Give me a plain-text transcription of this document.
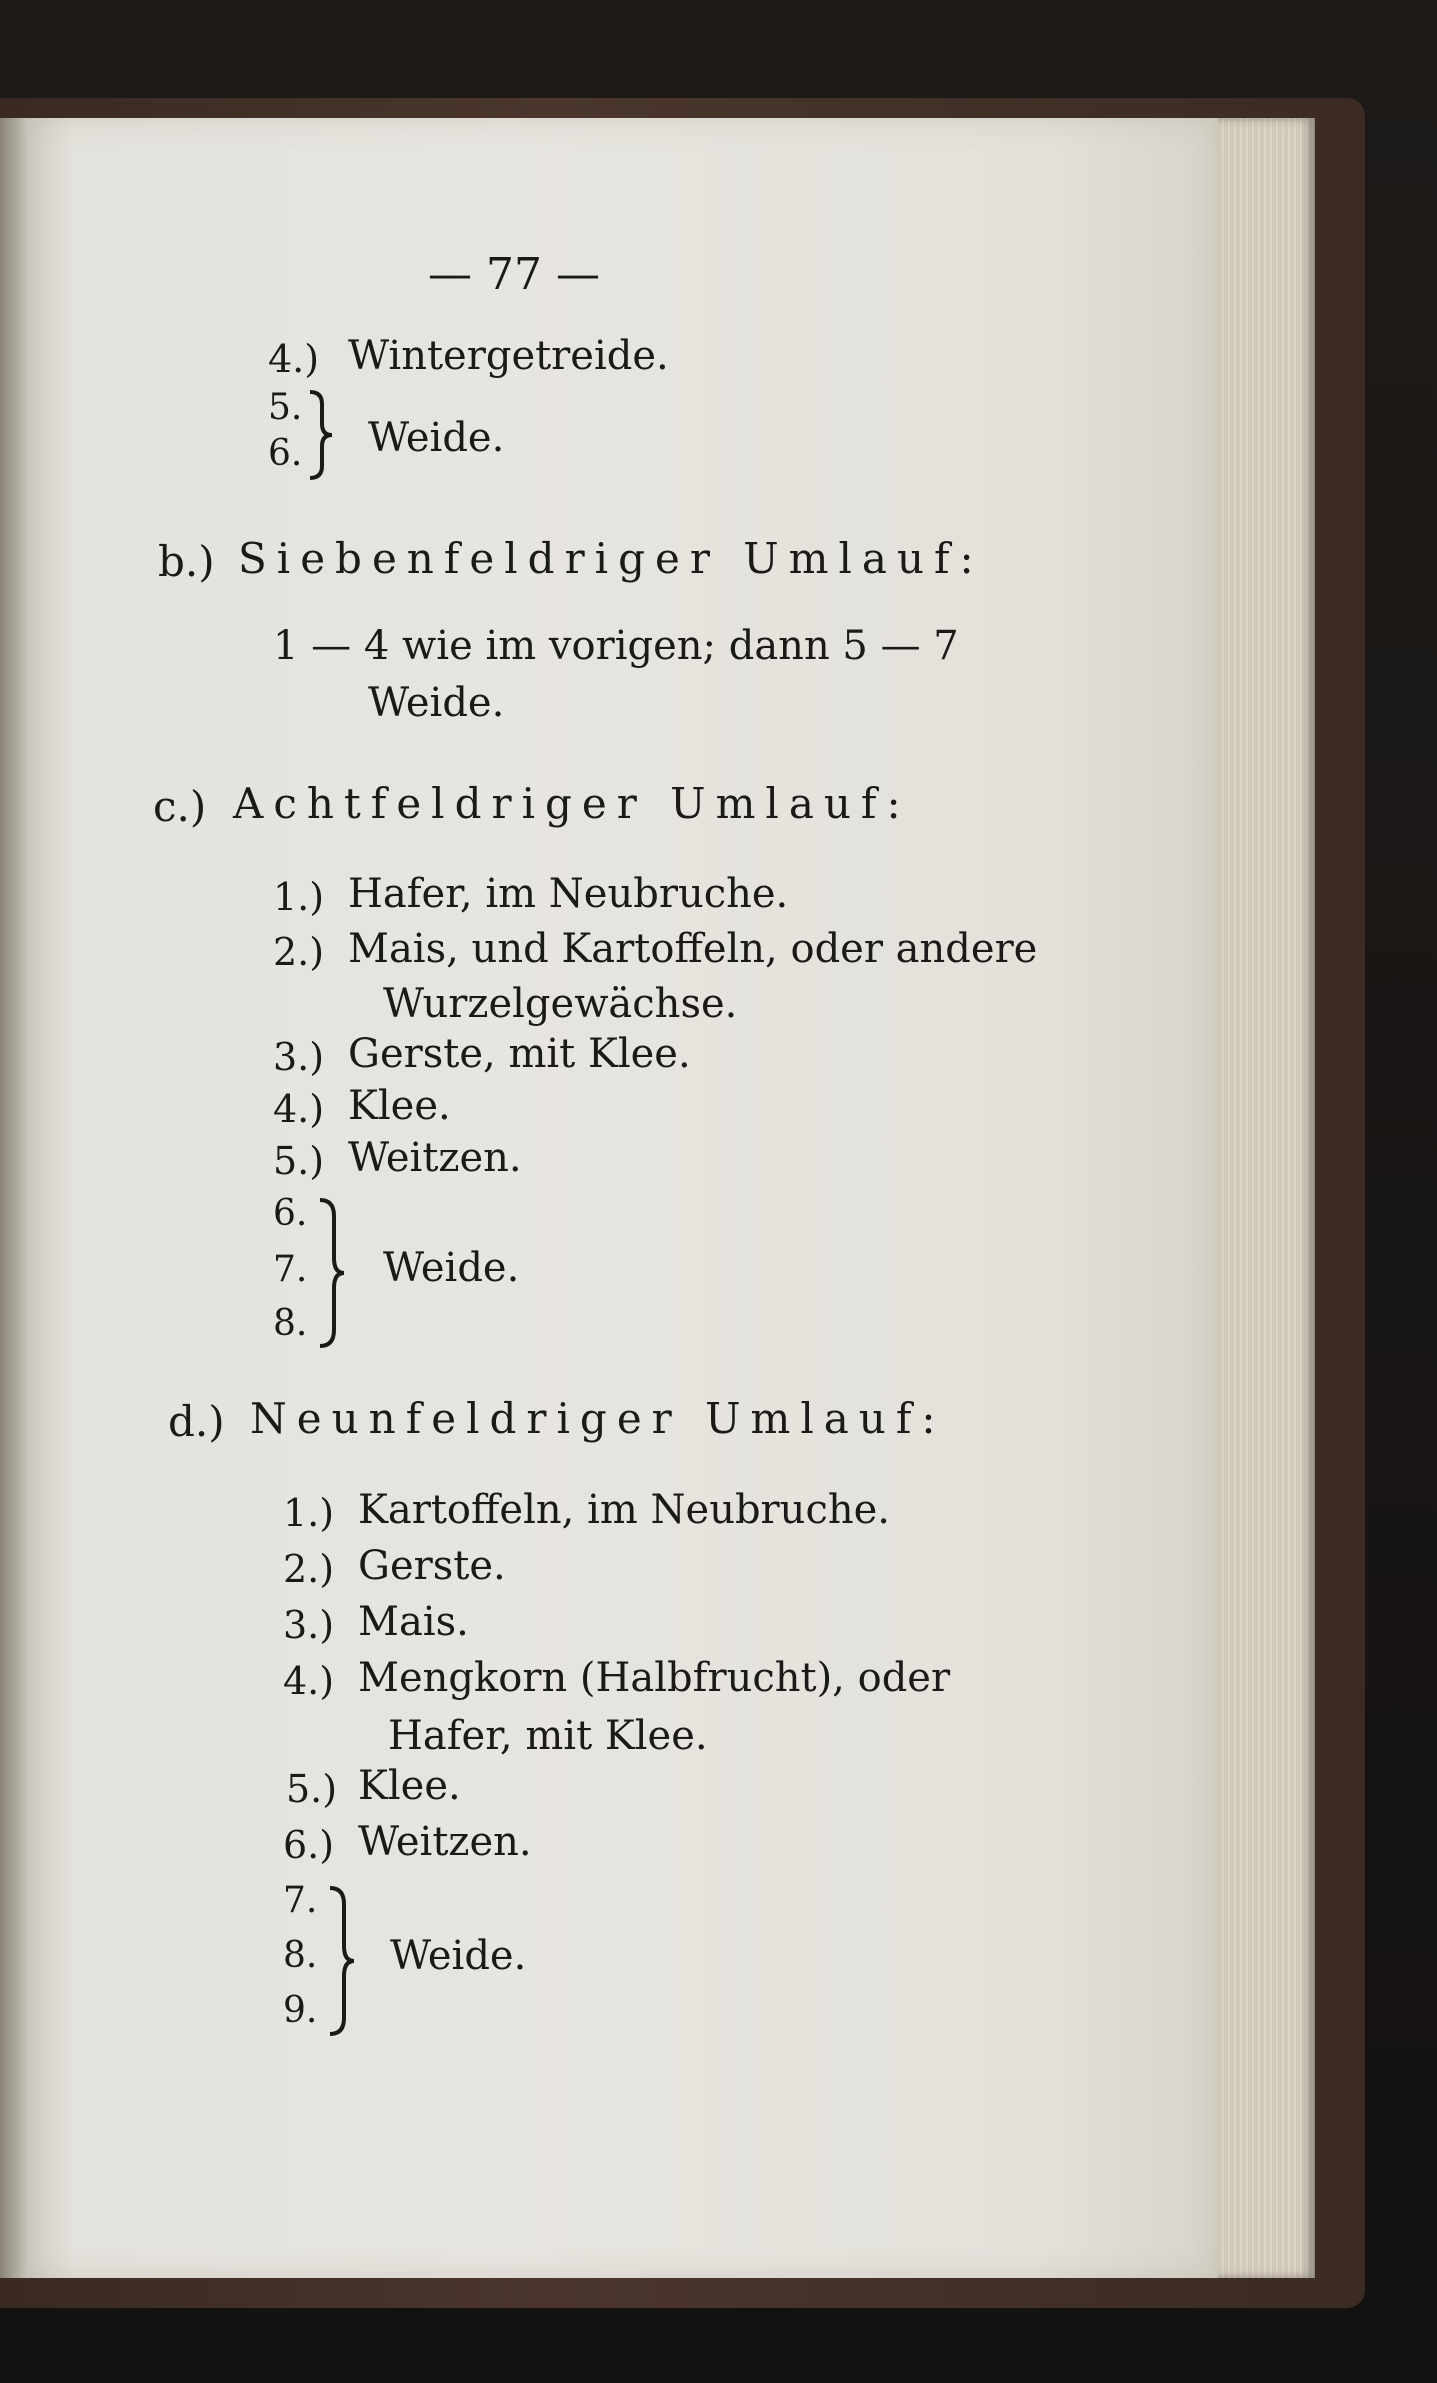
— 77 —
4.) Wintergetreide.
5.
6. Weide.
b.) Siebenfeldriger Umlauf:
1 — 4 wie im vorigen; dann 5 — 7
Weide.
c.) Achtfeldriger Umlauf:
1.) Hafer, im Neubruche.
2.) Mais, und Kartoffeln, oder andere
Wurzelgewächse.
3.) Gerste, mit Klee.
4.) Klee.
5.) Weitzen.
6.
7.
8.
Weide.
d.) Neunfeldriger Umlauf:
1.) Kartoffeln, im Neubruche.
2.) Gerste.
3.) Mais.
4.) Mengkorn (Halbfrucht), oder
Hafer, mit Klee.
5.) Klee.
6.) Weitzen.
7.
8.
9.
Weide.
